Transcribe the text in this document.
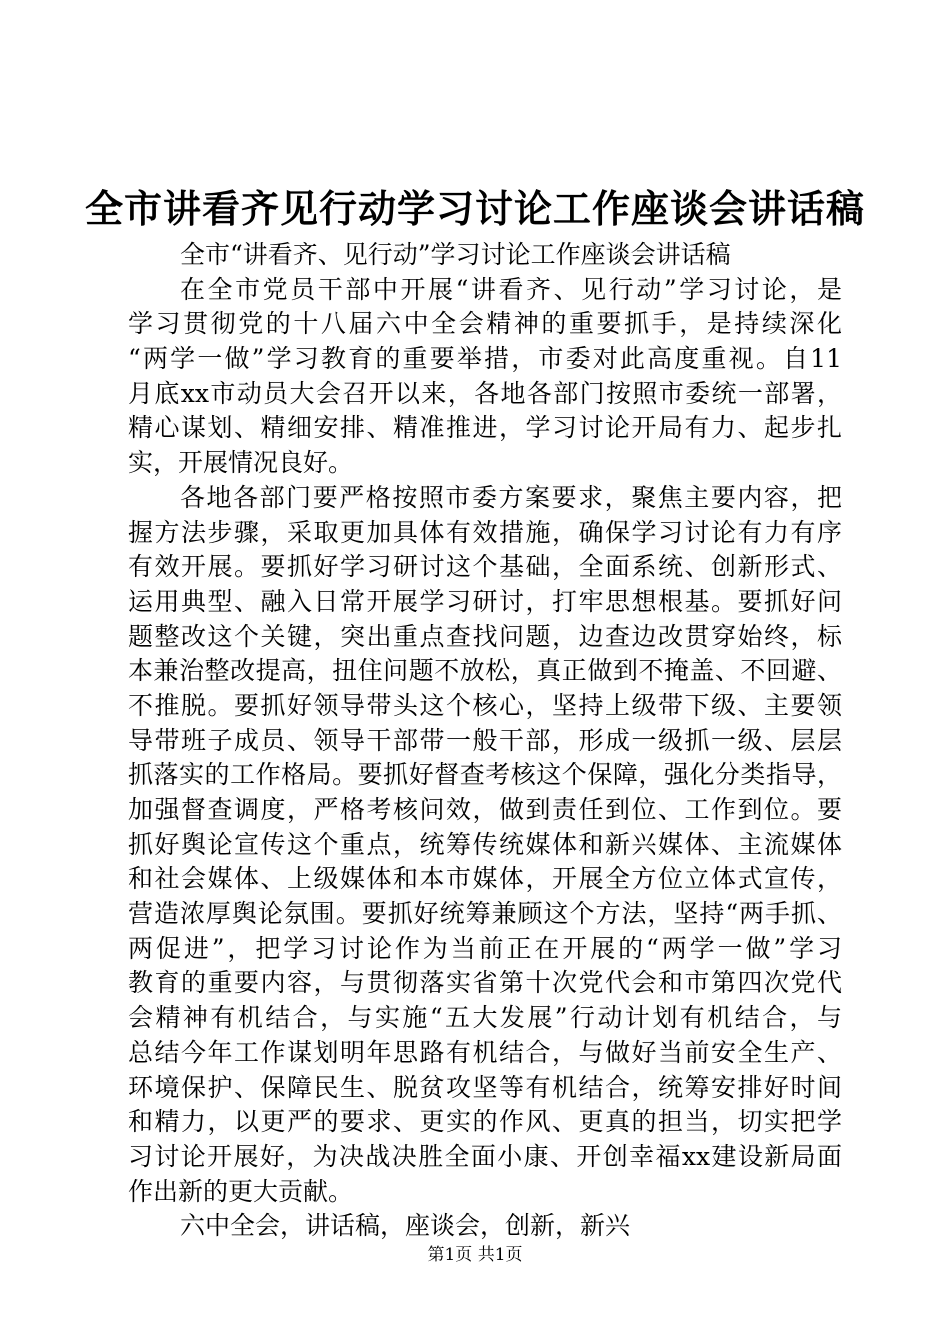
全市讲看齐见行动学习讨论工作座谈会讲话稿
全市“讲看齐、见行动”学习讨论工作座谈会讲话稿
在全市党员干部中开展“讲看齐、见行动”学习讨论，是
学习贯彻党的十八届六中全会精神的重要抓手，是持续深化
“两学一做”学习教育的重要举措，市委对此高度重视。自11
月底xx市动员大会召开以来，各地各部门按照市委统一部署，
精心谋划、精细安排、精准推进，学习讨论开局有力、起步扎
实，开展情况良好。
各地各部门要严格按照市委方案要求，聚焦主要内容，把
握方法步骤，采取更加具体有效措施，确保学习讨论有力有序
有效开展。要抓好学习研讨这个基础，全面系统、创新形式、
运用典型、融入日常开展学习研讨，打牢思想根基。要抓好问
题整改这个关键，突出重点查找问题，边查边改贯穿始终，标
本兼治整改提高，扭住问题不放松，真正做到不掩盖、不回避、
不推脱。要抓好领导带头这个核心，坚持上级带下级、主要领
导带班子成员、领导干部带一般干部，形成一级抓一级、层层
抓落实的工作格局。要抓好督查考核这个保障，强化分类指导，
加强督查调度，严格考核问效，做到责任到位、工作到位。要
抓好舆论宣传这个重点，统筹传统媒体和新兴媒体、主流媒体
和社会媒体、上级媒体和本市媒体，开展全方位立体式宣传，
营造浓厚舆论氛围。要抓好统筹兼顾这个方法，坚持“两手抓、
两促进”，把学习讨论作为当前正在开展的“两学一做”学习
教育的重要内容，与贯彻落实省第十次党代会和市第四次党代
会精神有机结合，与实施“五大发展”行动计划有机结合，与
总结今年工作谋划明年思路有机结合，与做好当前安全生产、
环境保护、保障民生、脱贫攻坚等有机结合，统筹安排好时间
和精力，以更严的要求、更实的作风、更真的担当，切实把学
习讨论开展好，为决战决胜全面小康、开创幸福xx建设新局面
作出新的更大贡献。
六中全会，讲话稿，座谈会，创新，新兴
第1页 共1页
